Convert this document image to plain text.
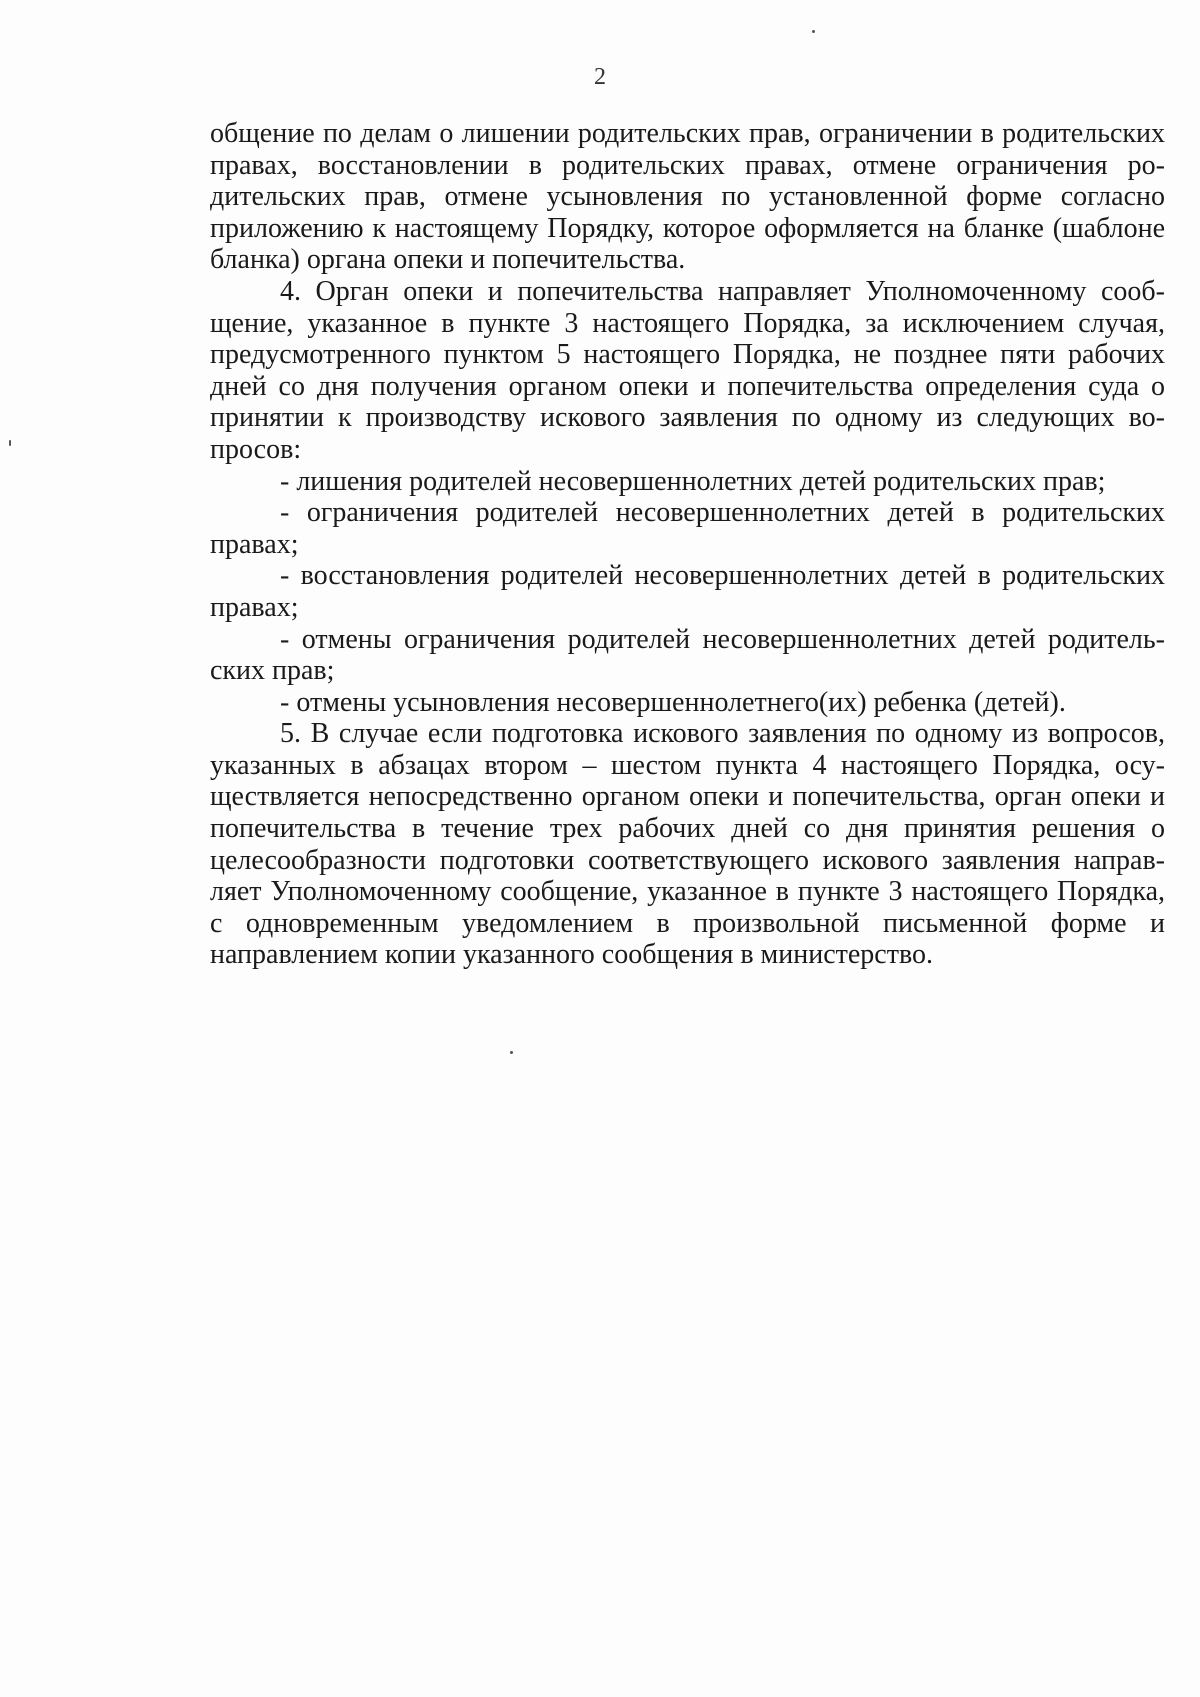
2

общение по делам о лишении родительских прав, ограничении в родительских правах, восстановлении в родительских правах, отмене ограничения родительских прав, отмене усыновления по установленной форме согласно приложению к настоящему Порядку, которое оформляется на бланке (шаблоне бланка) органа опеки и попечительства.

4. Орган опеки и попечительства направляет Уполномоченному сообщение, указанное в пункте 3 настоящего Порядка, за исключением случая, предусмотренного пунктом 5 настоящего Порядка, не позднее пяти рабочих дней со дня получения органом опеки и попечительства определения суда о принятии к производству искового заявления по одному из следующих вопросов:

- лишения родителей несовершеннолетних детей родительских прав;

- ограничения родителей несовершеннолетних детей в родительских правах;

- восстановления родителей несовершеннолетних детей в родительских правах;

- отмены ограничения родителей несовершеннолетних детей родительских прав;

- отмены усыновления несовершеннолетнего(их) ребенка (детей).

5. В случае если подготовка искового заявления по одному из вопросов, указанных в абзацах втором – шестом пункта 4 настоящего Порядка, осуществляется непосредственно органом опеки и попечительства, орган опеки и попечительства в течение трех рабочих дней со дня принятия решения о целесообразности подготовки соответствующего искового заявления направляет Уполномоченному сообщение, указанное в пункте 3 настоящего Порядка, с одновременным уведомлением в произвольной письменной форме и направлением копии указанного сообщения в министерство.
